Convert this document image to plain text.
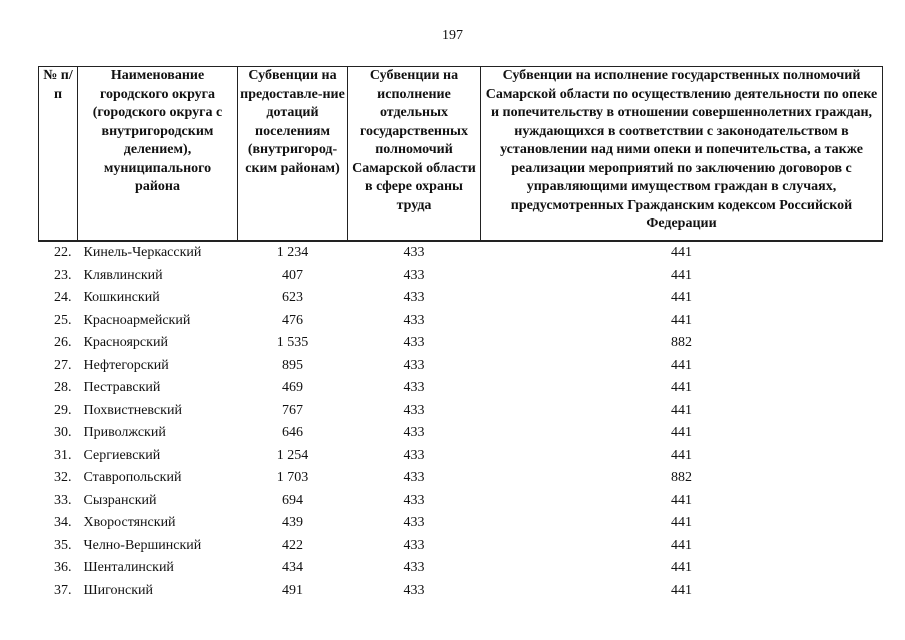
197
№ п/п	Наименование городского округа (городского округа с внутригородским делением), муниципального района	Субвенции на предоставле-ние дотаций поселениям (внутригород-ским районам)	Субвенции на исполнение отдельных государственных полномочий Самарской области в сфере охраны труда	Субвенции на исполнение государственных полномочий Самарской области по осуществлению деятельности по опеке и попечительству в отношении совершеннолетних граждан, нуждающихся в соответствии с законодательством в установлении над ними опеки и попечительства, а также реализации мероприятий по заключению договоров с управляющими имуществом граждан в случаях, предусмотренных Гражданским кодексом Российской Федерации
22.	Кинель-Черкасский	1 234	433	441
23.	Клявлинский	407	433	441
24.	Кошкинский	623	433	441
25.	Красноармейский	476	433	441
26.	Красноярский	1 535	433	882
27.	Нефтегорский	895	433	441
28.	Пестравский	469	433	441
29.	Похвистневский	767	433	441
30.	Приволжский	646	433	441
31.	Сергиевский	1 254	433	441
32.	Ставропольский	1 703	433	882
33.	Сызранский	694	433	441
34.	Хворостянский	439	433	441
35.	Челно-Вершинский	422	433	441
36.	Шенталинский	434	433	441
37.	Шигонский	491	433	441
